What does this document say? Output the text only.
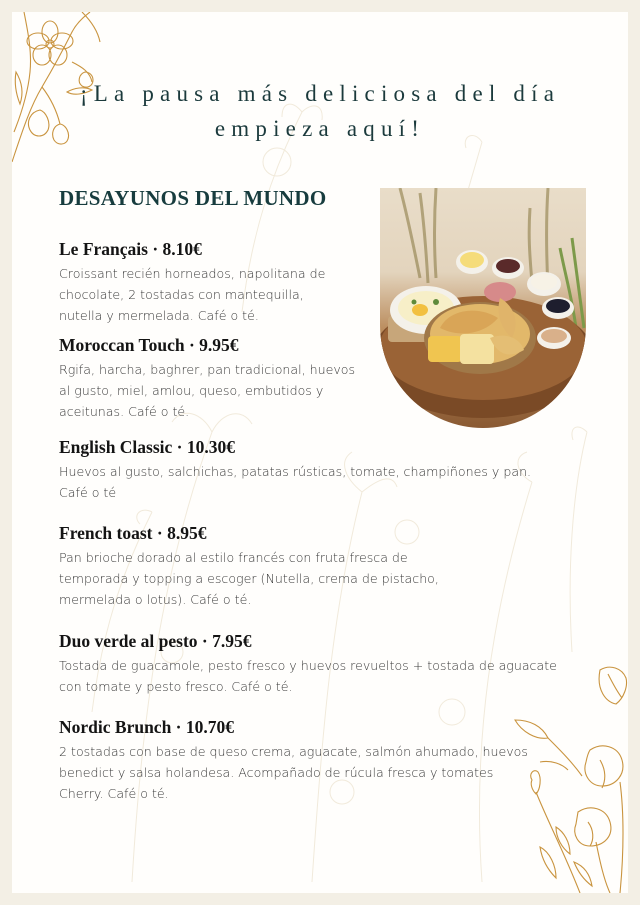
¡La pausa más deliciosa del día
empieza aquí!
DESAYUNOS DEL MUNDO
Le Français · 8.10€
Croissant recién horneados, napolitana de
chocolate, 2 tostadas con mantequilla,
nutella y mermelada. Café o té.
Moroccan Touch · 9.95€
Rgifa, harcha, baghrer, pan tradicional, huevos
al gusto, miel, amlou, queso, embutidos y
aceitunas. Café o té.
English Classic · 10.30€
Huevos al gusto, salchichas, patatas rústicas, tomate, champiñones y pan.
Café o té
French toast · 8.95€
Pan brioche dorado al estilo francés con fruta fresca de
temporada y topping a escoger (Nutella, crema de pistacho,
mermelada o lotus). Café o té.
Duo verde al pesto · 7.95€
Tostada de guacamole, pesto fresco y huevos revueltos + tostada de aguacate
con tomate y pesto fresco. Café o té.
Nordic Brunch · 10.70€
2 tostadas con base de queso crema, aguacate, salmón ahumado, huevos
benedict y salsa holandesa. Acompañado de rúcula fresca y tomates
Cherry. Café o té.
